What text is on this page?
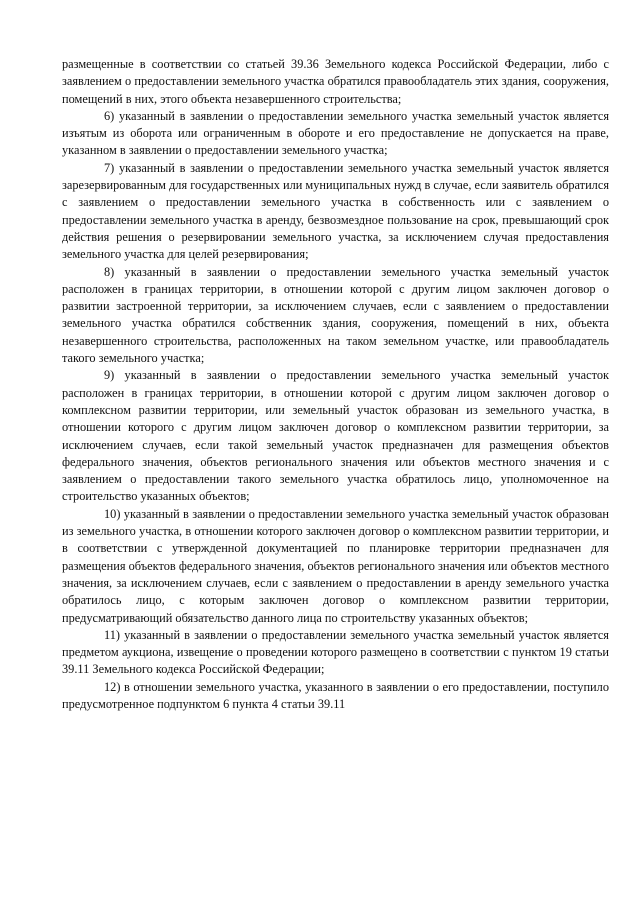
размещенные в соответствии со статьей 39.36 Земельного кодекса Российской Федерации, либо с заявлением о предоставлении земельного участка обратился правообладатель этих здания, сооружения, помещений в них, этого объекта незавершенного строительства;

6) указанный в заявлении о предоставлении земельного участка земельный участок является изъятым из оборота или ограниченным в обороте и его предоставление не допускается на праве, указанном в заявлении о предоставлении земельного участка;

7) указанный в заявлении о предоставлении земельного участка земельный участок является зарезервированным для государственных или муниципальных нужд в случае, если заявитель обратился с заявлением о предоставлении земельного участка в собственность или с заявлением о предоставлении земельного участка в аренду, безвозмездное пользование на срок, превышающий срок действия решения о резервировании земельного участка, за исключением случая предоставления земельного участка для целей резервирования;

8) указанный в заявлении о предоставлении земельного участка земельный участок расположен в границах территории, в отношении которой с другим лицом заключен договор о развитии застроенной территории, за исключением случаев, если с заявлением о предоставлении земельного участка обратился собственник здания, сооружения, помещений в них, объекта незавершенного строительства, расположенных на таком земельном участке, или правообладатель такого земельного участка;

9) указанный в заявлении о предоставлении земельного участка земельный участок расположен в границах территории, в отношении которой с другим лицом заключен договор о комплексном развитии территории, или земельный участок образован из земельного участка, в отношении которого с другим лицом заключен договор о комплексном развитии территории, за исключением случаев, если такой земельный участок предназначен для размещения объектов федерального значения, объектов регионального значения или объектов местного значения и с заявлением о предоставлении такого земельного участка обратилось лицо, уполномоченное на строительство указанных объектов;

10) указанный в заявлении о предоставлении земельного участка земельный участок образован из земельного участка, в отношении которого заключен договор о комплексном развитии территории, и в соответствии с утвержденной документацией по планировке территории предназначен для размещения объектов федерального значения, объектов регионального значения или объектов местного значения, за исключением случаев, если с заявлением о предоставлении в аренду земельного участка обратилось лицо, с которым заключен договор о комплексном развитии территории, предусматривающий обязательство данного лица по строительству указанных объектов;

11) указанный в заявлении о предоставлении земельного участка земельный участок является предметом аукциона, извещение о проведении которого размещено в соответствии с пунктом 19 статьи 39.11 Земельного кодекса Российской Федерации;

12) в отношении земельного участка, указанного в заявлении о его предоставлении, поступило предусмотренное подпунктом 6 пункта 4 статьи 39.11
